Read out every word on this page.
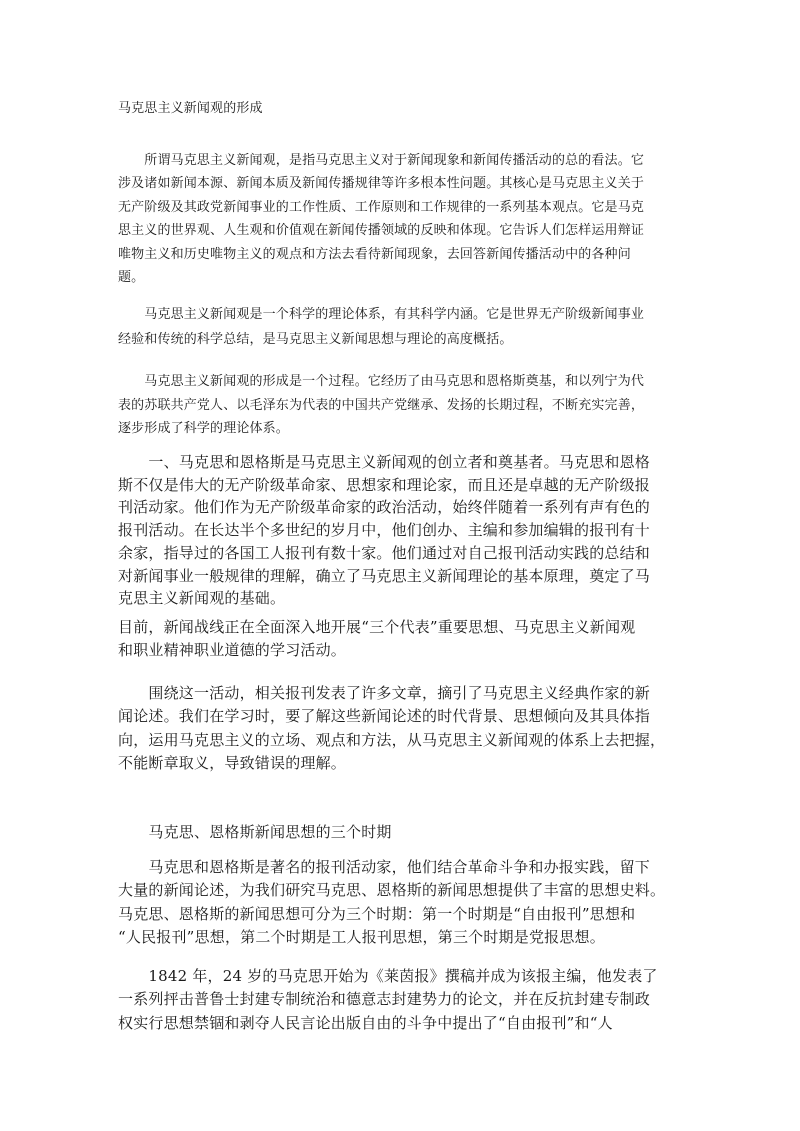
马克思主义新闻观的形成
　　所谓马克思主义新闻观，是指马克思主义对于新闻现象和新闻传播活动的总的看法。它
涉及诸如新闻本源、新闻本质及新闻传播规律等许多根本性问题。其核心是马克思主义关于
无产阶级及其政党新闻事业的工作性质、工作原则和工作规律的一系列基本观点。它是马克
思主义的世界观、人生观和价值观在新闻传播领域的反映和体现。它告诉人们怎样运用辩证
唯物主义和历史唯物主义的观点和方法去看待新闻现象，去回答新闻传播活动中的各种问
题。
　　马克思主义新闻观是一个科学的理论体系，有其科学内涵。它是世界无产阶级新闻事业
经验和传统的科学总结，是马克思主义新闻思想与理论的高度概括。
　　马克思主义新闻观的形成是一个过程。它经历了由马克思和恩格斯奠基，和以列宁为代
表的苏联共产党人、以毛泽东为代表的中国共产党继承、发扬的长期过程，不断充实完善，
逐步形成了科学的理论体系。
　　一、马克思和恩格斯是马克思主义新闻观的创立者和奠基者。马克思和恩格
斯不仅是伟大的无产阶级革命家、思想家和理论家，而且还是卓越的无产阶级报
刊活动家。他们作为无产阶级革命家的政治活动，始终伴随着一系列有声有色的
报刊活动。在长达半个多世纪的岁月中，他们创办、主编和参加编辑的报刊有十
余家，指导过的各国工人报刊有数十家。他们通过对自己报刊活动实践的总结和
对新闻事业一般规律的理解，确立了马克思主义新闻理论的基本原理，奠定了马
克思主义新闻观的基础。
目前，新闻战线正在全面深入地开展“三个代表”重要思想、马克思主义新闻观
和职业精神职业道德的学习活动。
　　围绕这一活动，相关报刊发表了许多文章，摘引了马克思主义经典作家的新
闻论述。我们在学习时，要了解这些新闻论述的时代背景、思想倾向及其具体指
向，运用马克思主义的立场、观点和方法，从马克思主义新闻观的体系上去把握，
不能断章取义，导致错误的理解。
　　马克思、恩格斯新闻思想的三个时期
　　马克思和恩格斯是著名的报刊活动家，他们结合革命斗争和办报实践，留下
大量的新闻论述，为我们研究马克思、恩格斯的新闻思想提供了丰富的思想史料。
马克思、恩格斯的新闻思想可分为三个时期：第一个时期是“自由报刊”思想和
“人民报刊”思想，第二个时期是工人报刊思想，第三个时期是党报思想。
　　1842 年，24 岁的马克思开始为《莱茵报》撰稿并成为该报主编，他发表了
一系列抨击普鲁士封建专制统治和德意志封建势力的论文，并在反抗封建专制政
权实行思想禁锢和剥夺人民言论出版自由的斗争中提出了“自由报刊”和“人
